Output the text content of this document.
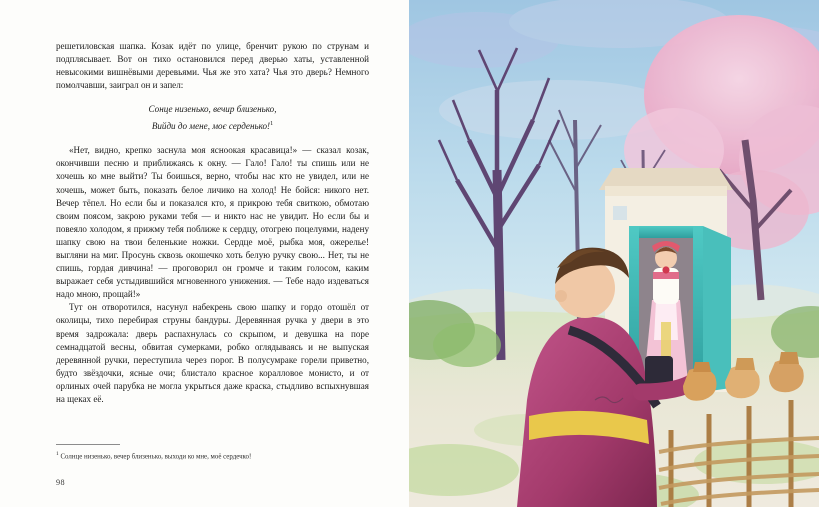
решетиловская шапка. Козак идёт по улице, бренчит рукою по струнам и подплясывает. Вот он тихо остановился перед дверью хаты, уставленной невысокими вишнёвыми деревьями. Чья же это хата? Чья это дверь? Немного помолчавши, заиграл он и запел:

Сонце низенько, вечир близенько,
Вийди до мене, моє серденько!$^1$

«Нет, видно, крепко заснула моя ясноокая красавица!» — сказал козак, окончивши песню и приближаясь к окну. — Гало! Гало! ты спишь или не хочешь ко мне выйти? Ты боишься, верно, чтобы нас кто не увидел, или не хочешь, может быть, показать белое личико на холод! Не бойся: никого нет. Вечер тёпел. Но если бы и показался кто, я прикрою тебя свиткою, обмотаю своим поясом, закрою руками тебя — и никто нас не увидит. Но если бы и повеяло холодом, я прижму тебя поближе к сердцу, отогрею поцелуями, надену шапку свою на твои беленькие ножки. Сердце моё, рыбка моя, ожерелье! выгляни на миг. Просунь сквозь окошечко хоть белую ручку свою... Нет, ты не спишь, гордая дивчина! — проговорил он громче и таким голосом, каким выражает себя устыдившийся мгновенного унижения. — Тебе надо издеваться надо мною, прощай!»

Тут он отворотился, насунул набекрень свою шапку и гордо отошёл от околицы, тихо перебирая струны бандуры. Деревянная ручка у двери в это время задрожала: дверь распахнулась со скрыпом, и девушка на поре семнадцатой весны, обвитая сумерками, робко оглядываясь и не выпуская деревянной ручки, переступила через порог. В полусумраке горели приветно, будто звёздочки, ясные очи; блистало красное коралловое монисто, и от орлиных очей парубка не могла укрыться даже краска, стыдливо вспыхнувшая на щеках её.

$^1$ Солнце низенько, вечер близенько, выходи ко мне, моё сердечко!
98
